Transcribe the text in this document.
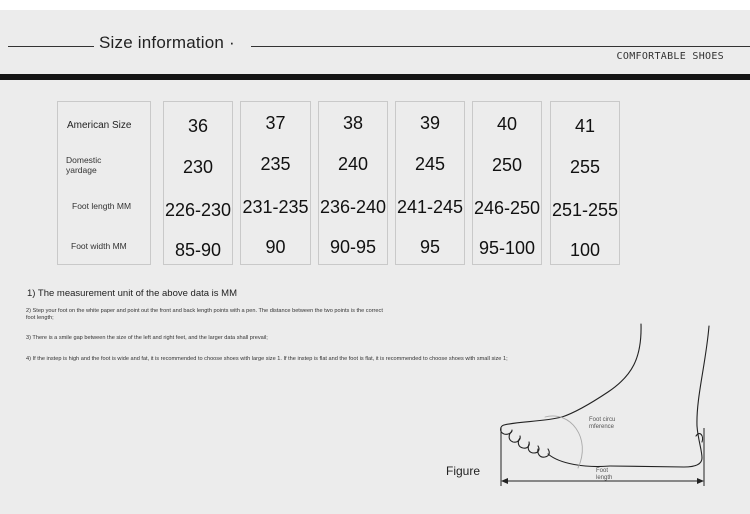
Size information ·
COMFORTABLE SHOES
American Size
Domestic
yardage
Foot length MM
Foot width MM
36
230
226-230
85-90
37
235
231-235
90
38
240
236-240
90-95
39
245
241-245
95
40
250
246-250
95-100
41
255
251-255
100
1) The measurement unit of the above data is MM
2) Step your foot on the white paper and point out the front and back length points with a pen. The distance between the two points is the correct
foot length;
3) There is a smile gap between the size of the left and right feet, and the larger data shall prevail;
4) If the instep is high and the foot is wide and fat, it is recommended to choose shoes with large size 1. If the instep is flat and the foot is flat, it is recommended to choose shoes with small size 1;
Figure
Foot circu
mference
Foot
length
